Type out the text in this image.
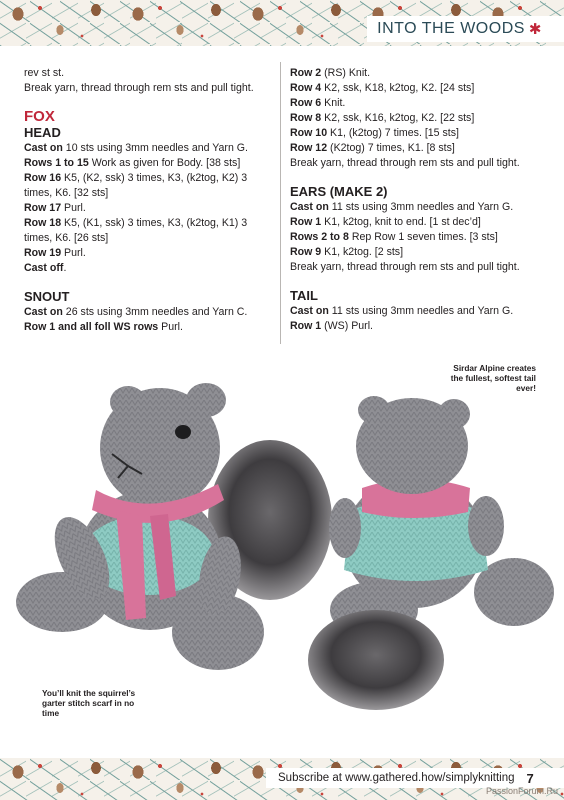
INTO THE WOODS ✱

rev st st.

Break yarn, thread through rem sts and pull tight.

FOX
HEAD

Cast on 10 sts using 3mm needles and Yarn G.

Rows 1 to 15 Work as given for Body. [38 sts]

Row 16 K5, (K2, ssk) 3 times, K3, (k2tog, K2) 3 times, K6. [32 sts]

Row 17 Purl.

Row 18 K5, (K1, ssk) 3 times, K3, (k2tog, K1) 3 times, K6. [26 sts]

Row 19 Purl.

Cast off.

SNOUT

Cast on 26 sts using 3mm needles and Yarn C.

Row 1 and all foll WS rows Purl.

Row 2 (RS) Knit.

Row 4 K2, ssk, K18, k2tog, K2. [24 sts]

Row 6 Knit.

Row 8 K2, ssk, K16, k2tog, K2. [22 sts]

Row 10 K1, (k2tog) 7 times. [15 sts]

Row 12 (K2tog) 7 times, K1. [8 sts]

Break yarn, thread through rem sts and pull tight.

EARS (MAKE 2)

Cast on 11 sts using 3mm needles and Yarn G.

Row 1 K1, k2tog, knit to end. [1 st dec’d]

Rows 2 to 8 Rep Row 1 seven times. [3 sts]

Row 9 K1, k2tog. [2 sts]

Break yarn, thread through rem sts and pull tight.

TAIL

Cast on 11 sts using 3mm needles and Yarn G.

Row 1 (WS) Purl.

Sirdar Alpine creates the fullest, softest tail ever!
You’ll knit the squirrel’s garter stitch scarf in no time
Subscribe at www.gathered.how/simplyknitting 7
PassionForum.Ru
